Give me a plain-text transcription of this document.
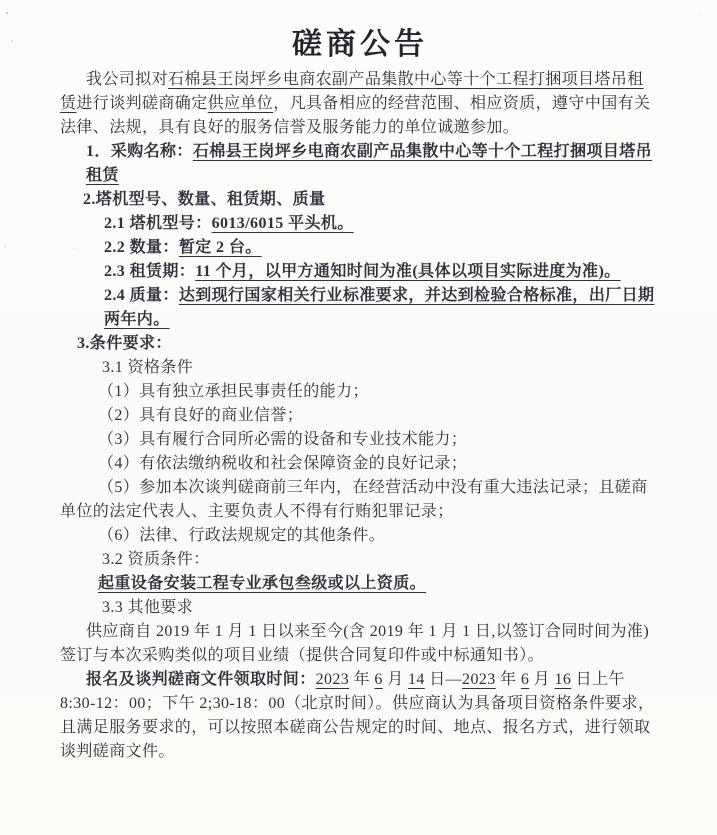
磋商公告

我公司拟对石棉县王岗坪乡电商农副产品集散中心等十个工程打捆项目塔吊租赁进行谈判磋商确定供应单位，凡具备相应的经营范围、相应资质，遵守中国有关法律、法规，具有良好的服务信誉及服务能力的单位诚邀参加。

1．采购名称：石棉县王岗坪乡电商农副产品集散中心等十个工程打捆项目塔吊租赁

2.塔机型号、数量、租赁期、质量

2.1 塔机型号：6013/6015 平头机。

2.2 数量：暂定 2 台。

2.3 租赁期：11 个月，以甲方通知时间为准(具体以项目实际进度为准)。

2.4 质量：达到现行国家相关行业标准要求，并达到检验合格标准，出厂日期两年内。

3.条件要求：

3.1 资格条件

（1）具有独立承担民事责任的能力；

（2）具有良好的商业信誉；

（3）具有履行合同所必需的设备和专业技术能力；

（4）有依法缴纳税收和社会保障资金的良好记录；

（5）参加本次谈判磋商前三年内，在经营活动中没有重大违法记录；且磋商单位的法定代表人、主要负责人不得有行贿犯罪记录；

（6）法律、行政法规规定的其他条件。

3.2 资质条件：

起重设备安装工程专业承包叁级或以上资质。

3.3 其他要求

供应商自 2019 年 1 月 1 日以来至今(含 2019 年 1 月 1 日,以签订合同时间为准)签订与本次采购类似的项目业绩（提供合同复印件或中标通知书）。

报名及谈判磋商文件领取时间：2023 年 6 月 14 日—2023 年 6 月 16 日上午 8:30-12：00；下午 2;30-18：00（北京时间）。供应商认为具备项目资格条件要求，且满足服务要求的，可以按照本磋商公告规定的时间、地点、报名方式，进行领取谈判磋商文件。
